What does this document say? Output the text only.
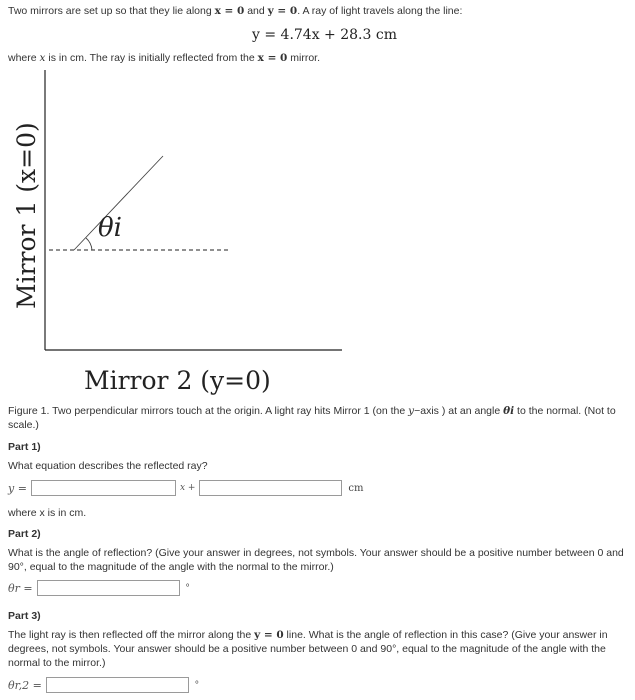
Two mirrors are set up so that they lie along x = 0 and y = 0. A ray of light travels along the line:
y = 4.74x + 28.3 cm
where x is in cm. The ray is initially reflected from the x = 0 mirror.
θi
Mirror 1 (x=0)
Mirror 2 (y=0)
Figure 1. Two perpendicular mirrors touch at the origin. A light ray hits Mirror 1 (on the y−axis ) at an angle θi to the normal. (Not to scale.)
Part 1)
What equation describes the reflected ray?
y =	x +	cm
where x is in cm.
Part 2)
What is the angle of reflection? (Give your answer in degrees, not symbols. Your answer should be a positive number between 0 and 90°, equal to the magnitude of the angle with the normal to the mirror.)
θr =	°
Part 3)
The light ray is then reflected off the mirror along the y = 0 line. What is the angle of reflection in this case? (Give your answer in degrees, not symbols. Your answer should be a positive number between 0 and 90°, equal to the magnitude of the angle with the normal to the mirror.)
θr,2 =	°
